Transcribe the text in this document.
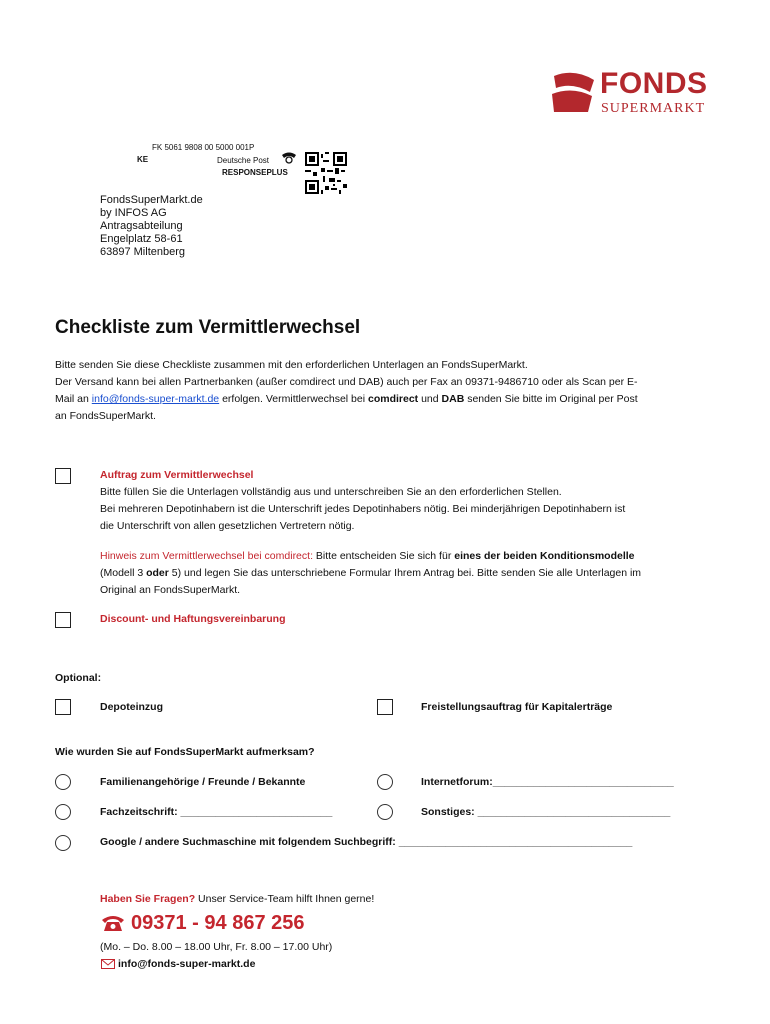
FONDS
SUPERMARKT
FK 5061 9808 00 5000 001P
KE	Deutsche Post
RESPONSEPLUS
FondsSuperMarkt.de
by INFOS AG
Antragsabteilung
Engelplatz 58-61
63897 Miltenberg
Checkliste zum Vermittlerwechsel
Bitte senden Sie diese Checkliste zusammen mit den erforderlichen Unterlagen an FondsSuperMarkt.
Der Versand kann bei allen Partnerbanken (außer comdirect und DAB) auch per Fax an 09371-9486710 oder als Scan per E-
Mail an info@fonds-super-markt.de erfolgen. Vermittlerwechsel bei comdirect und DAB senden Sie bitte im Original per Post
an FondsSuperMarkt.
Auftrag zum Vermittlerwechsel
Bitte füllen Sie die Unterlagen vollständig aus und unterschreiben Sie an den erforderlichen Stellen.
Bei mehreren Depotinhabern ist die Unterschrift jedes Depotinhabers nötig. Bei minderjährigen Depotinhabern ist
die Unterschrift von allen gesetzlichen Vertretern nötig.
Hinweis zum Vermittlerwechsel bei comdirect: Bitte entscheiden Sie sich für eines der beiden Konditionsmodelle
(Modell 3 oder 5) und legen Sie das unterschriebene Formular Ihrem Antrag bei. Bitte senden Sie alle Unterlagen im
Original an FondsSuperMarkt.
Discount- und Haftungsvereinbarung
Optional:
Depoteinzug	Freistellungsauftrag für Kapitalerträge
Wie wurden Sie auf FondsSuperMarkt aufmerksam?
Familienangehörige / Freunde / Bekannte	Internetforum:_______________________________
Fachzeitschrift: __________________________	Sonstiges: _________________________________
Google / andere Suchmaschine mit folgendem Suchbegriff: ________________________________________
Haben Sie Fragen? Unser Service-Team hilft Ihnen gerne!
09371 - 94 867 256
(Mo. – Do. 8.00 – 18.00 Uhr, Fr. 8.00 – 17.00 Uhr)
info@fonds-super-markt.de
